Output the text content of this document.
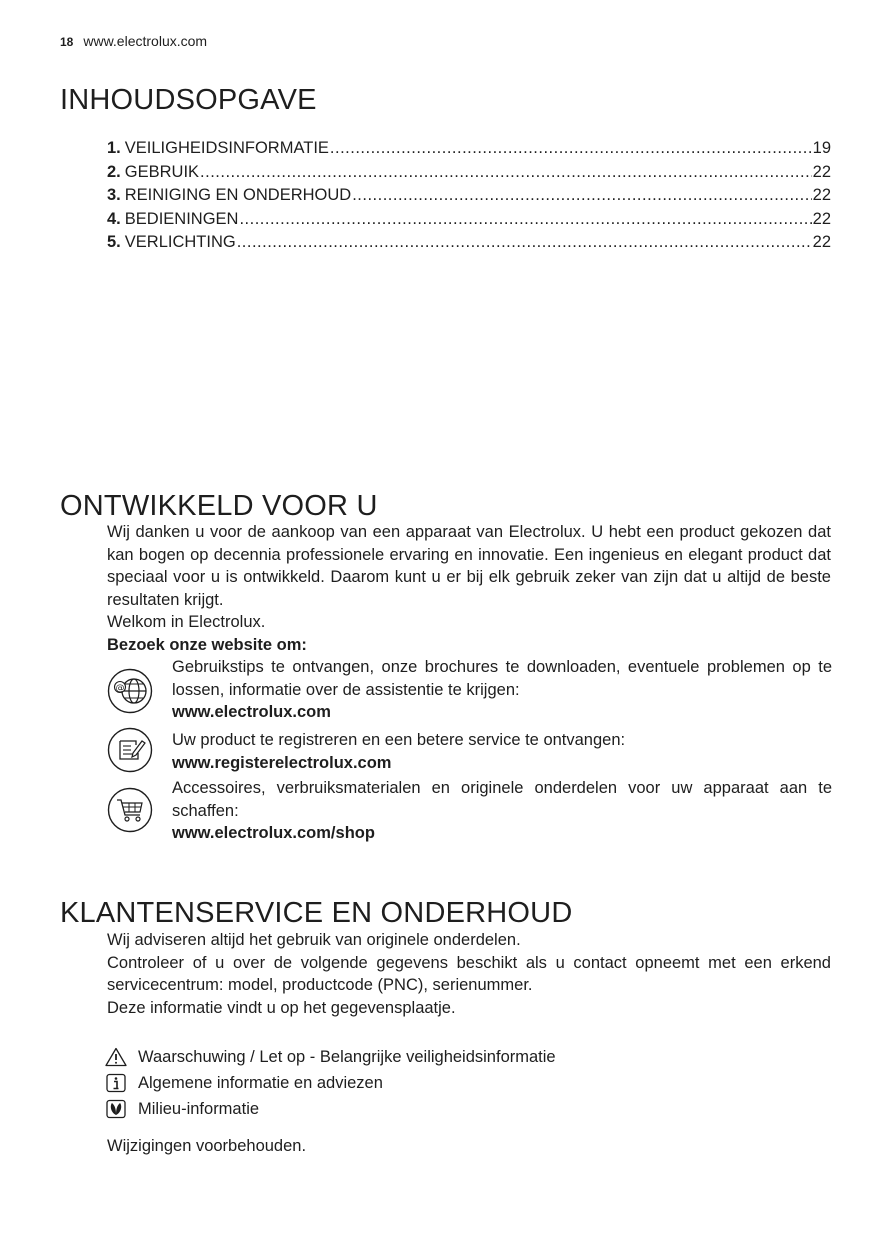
18 www.electrolux.com
INHOUDSOPGAVE
1. VEILIGHEIDSINFORMATIE .....	19
2. GEBRUIK .....	22
3. REINIGING EN ONDERHOUD .....	22
4. BEDIENINGEN .....	22
5. VERLICHTING .....	22
ONTWIKKELD VOOR U
Wij danken u voor de aankoop van een apparaat van Electrolux. U hebt een product gekozen dat kan bogen op decennia professionele ervaring en innovatie. Een ingenieus en elegant product dat speciaal voor u is ontwikkeld. Daarom kunt u er bij elk gebruik zeker van zijn dat u altijd de beste resultaten krijgt.
Welkom in Electrolux.
Bezoek onze website om:
@
Gebruikstips te ontvangen, onze brochures te downloaden, eventuele problemen op te lossen, informatie over de assistentie te krijgen:
www.electrolux.com
Uw product te registreren en een betere service te ontvangen:
www.registerelectrolux.com
Accessoires, verbruiksmaterialen en originele onderdelen voor uw apparaat aan te schaffen:
www.electrolux.com/shop
KLANTENSERVICE EN ONDERHOUD
Wij adviseren altijd het gebruik van originele onderdelen.
Controleer of u over de volgende gegevens beschikt als u contact opneemt met een erkend servicecentrum: model, productcode (PNC), serienummer.
Deze informatie vindt u op het gegevensplaatje.
Waarschuwing / Let op - Belangrijke veiligheidsinformatie
Algemene informatie en adviezen
Milieu-informatie
Wijzigingen voorbehouden.
